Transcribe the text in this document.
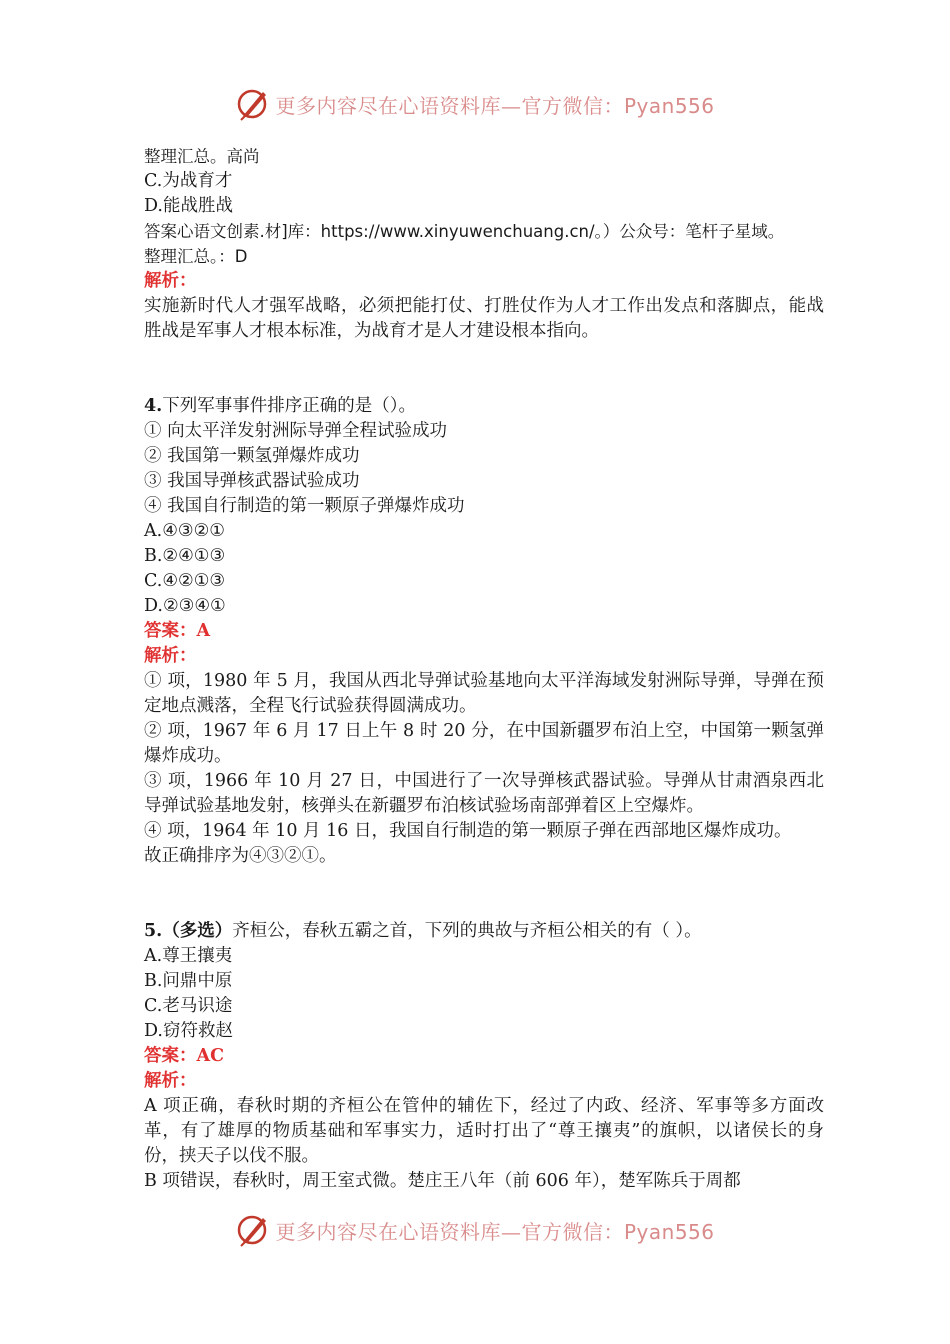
更多内容尽在心语资料库—官方微信：Pyan556
整理汇总。高尚
C.为战育才
D.能战胜战
答案心语文创素.材]库：https://www.xinyuwenchuang.cn/。）公众号：笔杆子星域。
整理汇总。：D
解析：
实施新时代人才强军战略，必须把能打仗、打胜仗作为人才工作出发点和落脚点，能战胜战是军事人才根本标准，为战育才是人才建设根本指向。
4.下列军事事件排序正确的是（）。
① 向太平洋发射洲际导弹全程试验成功
② 我国第一颗氢弹爆炸成功
③ 我国导弹核武器试验成功
④ 我国自行制造的第一颗原子弹爆炸成功
A.④③②①
B.②④①③
C.④②①③
D.②③④①
答案：A
解析：
① 项，1980 年 5 月，我国从西北导弹试验基地向太平洋海域发射洲际导弹，导弹在预定地点溅落，全程飞行试验获得圆满成功。
② 项，1967 年 6 月 17 日上午 8 时 20 分，在中国新疆罗布泊上空，中国第一颗氢弹爆炸成功。
③ 项，1966 年 10 月 27 日，中国进行了一次导弹核武器试验。导弹从甘肃酒泉西北导弹试验基地发射，核弹头在新疆罗布泊核试验场南部弹着区上空爆炸。
④ 项，1964 年 10 月 16 日，我国自行制造的第一颗原子弹在西部地区爆炸成功。
故正确排序为④③②①。
5.（多选）齐桓公，春秋五霸之首，下列的典故与齐桓公相关的有（ ）。
A.尊王攘夷
B.问鼎中原
C.老马识途
D.窃符救赵
答案：AC
解析：
A 项正确，春秋时期的齐桓公在管仲的辅佐下，经过了内政、经济、军事等多方面改革，有了雄厚的物质基础和军事实力，适时打出了“尊王攘夷”的旗帜，以诸侯长的身份，挟天子以伐不服。
B 项错误，春秋时，周王室式微。楚庄王八年（前 606 年），楚军陈兵于周都
更多内容尽在心语资料库—官方微信：Pyan556
